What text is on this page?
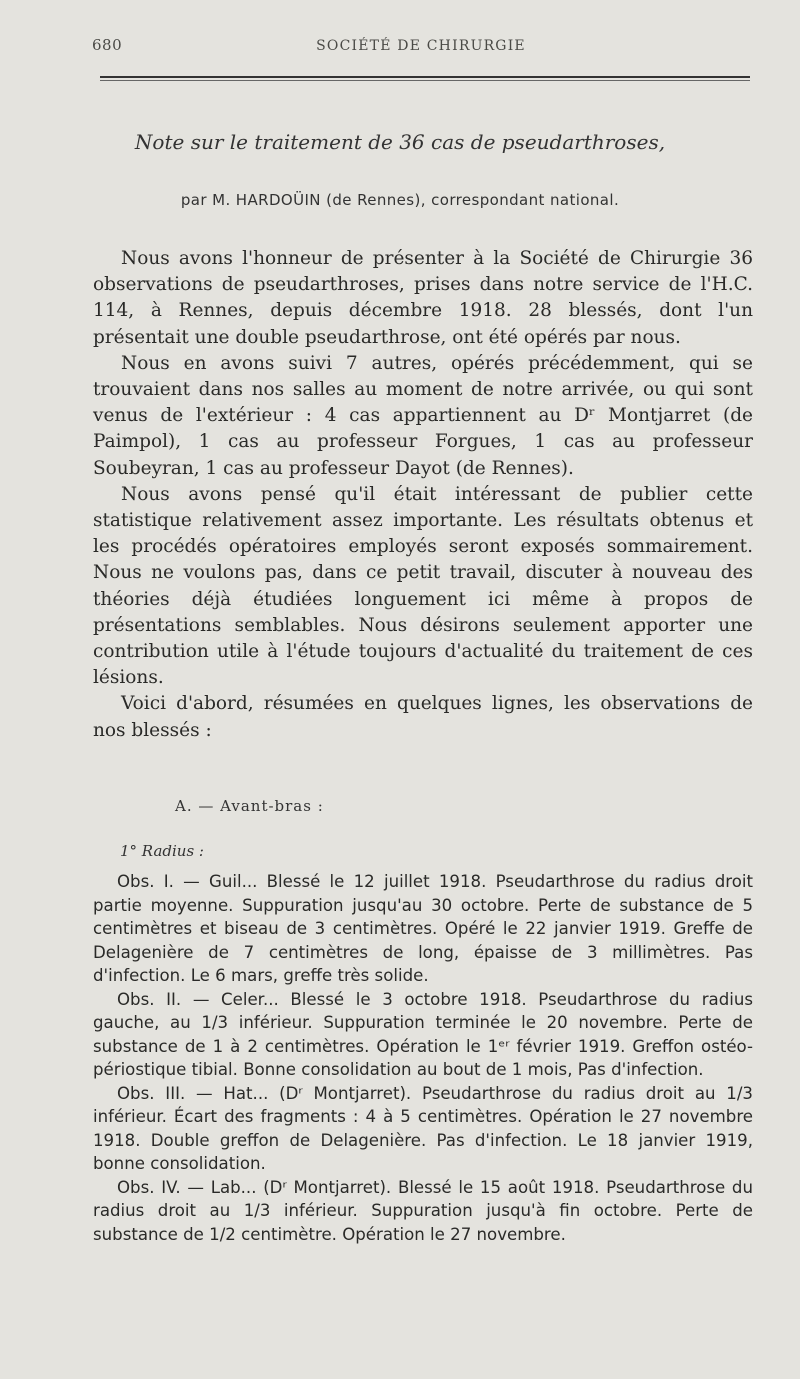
680	SOCIÉTÉ DE CHIRURGIE
Note sur le traitement de 36 cas de pseudarthroses,
par M. HARDOÜIN (de Rennes), correspondant national.

Nous avons l'honneur de présenter à la Société de Chirurgie 36 observations de pseudarthroses, prises dans notre service de l'H.C. 114, à Rennes, depuis décembre 1918. 28 blessés, dont l'un présentait une double pseudarthrose, ont été opérés par nous.

Nous en avons suivi 7 autres, opérés précédemment, qui se trouvaient dans nos salles au moment de notre arrivée, ou qui sont venus de l'extérieur : 4 cas appartiennent au Dʳ Montjarret (de Paimpol), 1 cas au professeur Forgues, 1 cas au professeur Soubeyran, 1 cas au professeur Dayot (de Rennes).

Nous avons pensé qu'il était intéressant de publier cette statistique relativement assez importante. Les résultats obtenus et les procédés opératoires employés seront exposés sommairement. Nous ne voulons pas, dans ce petit travail, discuter à nouveau des théories déjà étudiées longuement ici même à propos de présentations semblables. Nous désirons seulement apporter une contribution utile à l'étude toujours d'actualité du traitement de ces lésions.

Voici d'abord, résumées en quelques lignes, les observations de nos blessés :

A. — Avant-bras :
1° Radius :

Obs. I. — Guil... Blessé le 12 juillet 1918. Pseudarthrose du radius droit partie moyenne. Suppuration jusqu'au 30 octobre. Perte de substance de 5 centimètres et biseau de 3 centimètres. Opéré le 22 janvier 1919. Greffe de Delagenière de 7 centimètres de long, épaisse de 3 millimètres. Pas d'infection. Le 6 mars, greffe très solide.

Obs. II. — Celer... Blessé le 3 octobre 1918. Pseudarthrose du radius gauche, au 1/3 inférieur. Suppuration terminée le 20 novembre. Perte de substance de 1 à 2 centimètres. Opération le 1ᵉʳ février 1919. Greffon ostéo-périostique tibial. Bonne consolidation au bout de 1 mois, Pas d'infection.

Obs. III. — Hat... (Dʳ Montjarret). Pseudarthrose du radius droit au 1/3 inférieur. Écart des fragments : 4 à 5 centimètres. Opération le 27 novembre 1918. Double greffon de Delagenière. Pas d'infection. Le 18 janvier 1919, bonne consolidation.

Obs. IV. — Lab... (Dʳ Montjarret). Blessé le 15 août 1918. Pseudarthrose du radius droit au 1/3 inférieur. Suppuration jusqu'à fin octobre. Perte de substance de 1/2 centimètre. Opération le 27 novembre.
